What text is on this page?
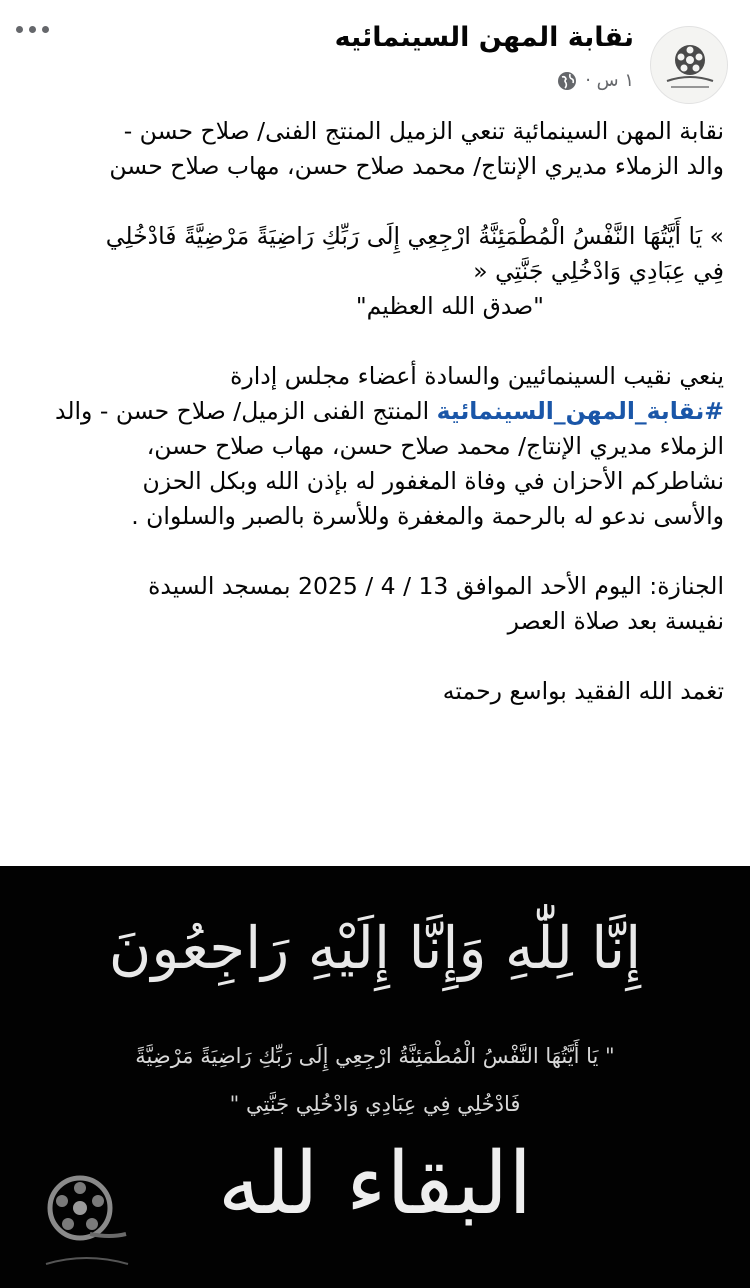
نقابة المهن السينمائيه
١ س ·

نقابة المهن السينمائية تنعي الزميل المنتج الفنى/ صلاح حسن -

والد الزملاء مديري الإنتاج/ محمد صلاح حسن، مهاب صلاح حسن

» يَا أَيَّتُهَا النَّفْسُ الْمُطْمَئِنَّةُ ارْجِعِي إِلَى رَبِّكِ رَاضِيَةً مَرْضِيَّةً فَادْخُلِي

فِي عِبَادِي وَادْخُلِي جَنَّتِي «

"صدق الله العظيم"

ينعي نقيب السينمائيين والسادة أعضاء مجلس إدارة

#نقابة_المهن_السينمائية المنتج الفنى الزميل/ صلاح حسن - والد

الزملاء مديري الإنتاج/ محمد صلاح حسن، مهاب صلاح حسن،

نشاطركم الأحزان في وفاة المغفور له بإذن الله وبكل الحزن

والأسى ندعو له بالرحمة والمغفرة وللأسرة بالصبر والسلوان .

الجنازة: اليوم الأحد الموافق 13 / 4 / 2025 بمسجد السيدة

نفيسة بعد صلاة العصر

تغمد الله الفقيد بواسع رحمته

إِنَّا لِلّٰهِ وَإِنَّا إِلَيْهِ رَاجِعُونَ
" يَا أَيَّتُهَا النَّفْسُ الْمُطْمَئِنَّةُ ارْجِعِي إِلَى رَبِّكِ رَاضِيَةً مَرْضِيَّةً
فَادْخُلِي فِي عِبَادِي وَادْخُلِي جَنَّتِي "
البقاء لله
